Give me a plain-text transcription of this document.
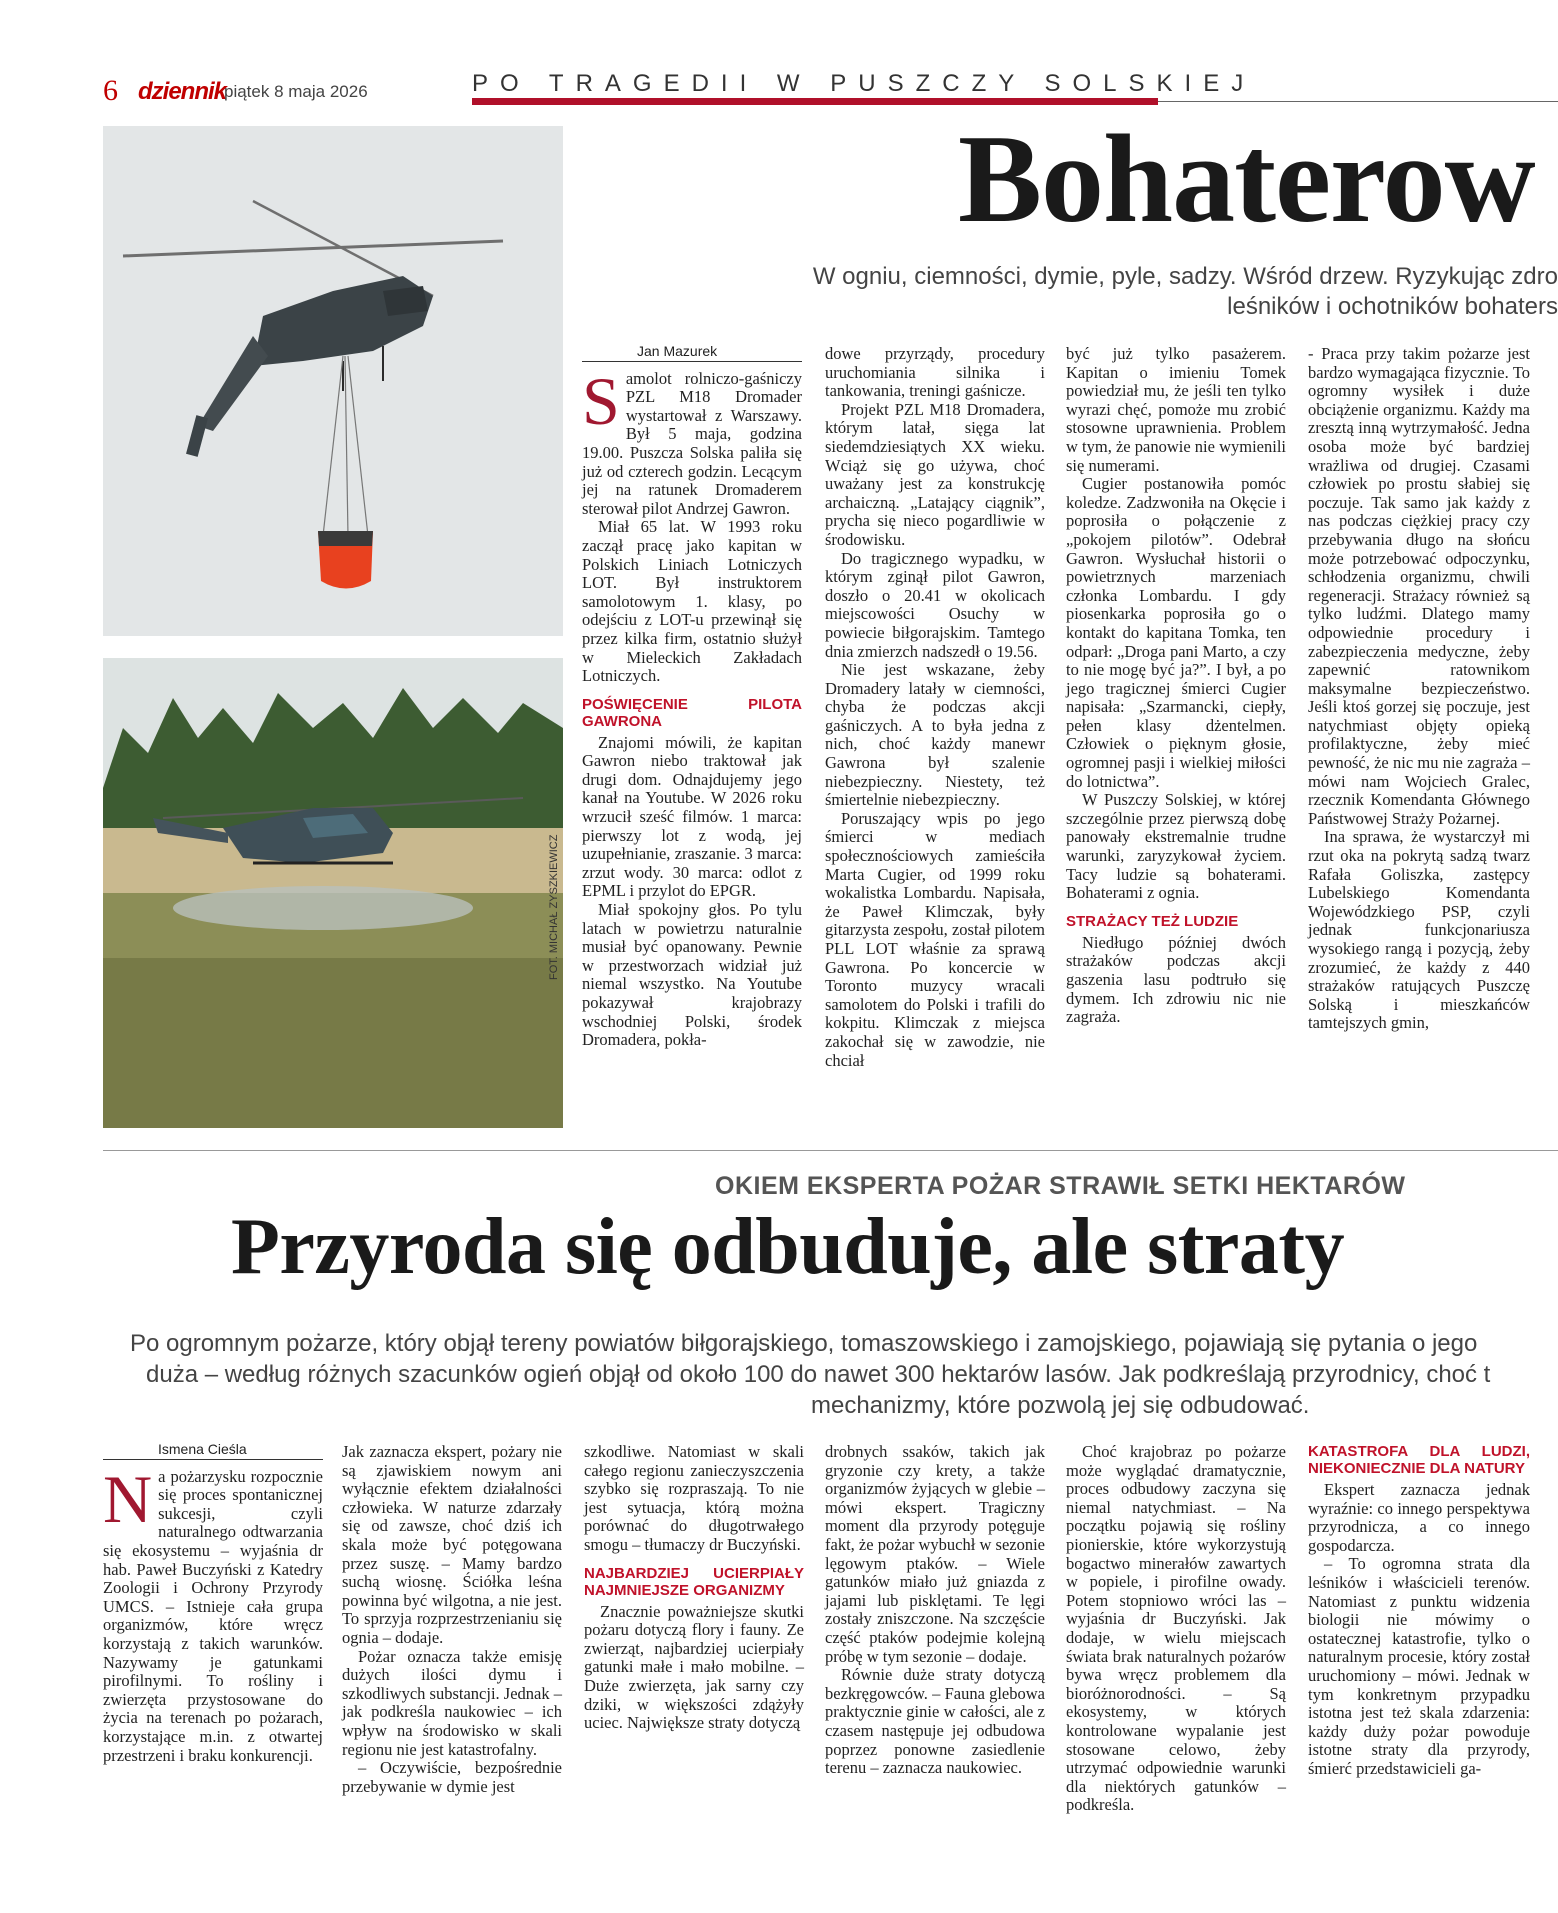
6 dziennik
piątek 8 maja 2026	PO TRAGEDII W PUSZCZY SOLSKIEJ
Bohaterow
W ogniu, ciemności, dymie, pyle, sadzy. Wśród drzew. Ryzykując zdro
leśników i ochotników bohaters
FOT. MICHAŁ ZYSZKIEWICZ
Jan Mazurek

Samolot rolniczo-gaśniczy PZL M18 Dromader wystartował z Warszawy. Był 5 maja, godzina 19.00. Puszcza Solska paliła się już od czterech godzin. Lecącym jej na ratunek Dromaderem sterował pilot Andrzej Gawron.

Miał 65 lat. W 1993 roku zaczął pracę jako kapitan w Polskich Liniach Lotniczych LOT. Był instruktorem samolotowym 1. klasy, po odejściu z LOT-u przewinął się przez kilka firm, ostatnio służył w Mieleckich Zakładach Lotniczych.

POŚWIĘCENIE PILOTA GAWRONA

Znajomi mówili, że kapitan Gawron niebo traktował jak drugi dom. Odnajdujemy jego kanał na Youtube. W 2026 roku wrzucił sześć filmów. 1 marca: pierwszy lot z wodą, jej uzupełnianie, zraszanie. 3 marca: zrzut wody. 30 marca: odlot z EPML i przylot do EPGR.

Miał spokojny głos. Po tylu latach w powietrzu naturalnie musiał być opanowany. Pewnie w przestworzach widział już niemal wszystko. Na Youtube pokazywał krajobrazy wschodniej Polski, środek Dromadera, pokła-

dowe przyrządy, procedury uruchomiania silnika i tankowania, treningi gaśnicze.

Projekt PZL M18 Dromadera, którym latał, sięga lat siedemdziesiątych XX wieku. Wciąż się go używa, choć uważany jest za konstrukcję archaiczną. „Latający ciągnik”, prycha się nieco pogardliwie w środowisku.

Do tragicznego wypadku, w którym zginął pilot Gawron, doszło o 20.41 w okolicach miejscowości Osuchy w powiecie biłgorajskim. Tamtego dnia zmierzch nadszedł o 19.56.

Nie jest wskazane, żeby Dromadery latały w ciemności, chyba że podczas akcji gaśniczych. A to była jedna z nich, choć każdy manewr Gawrona był szalenie niebezpieczny. Niestety, też śmiertelnie niebezpieczny.

Poruszający wpis po jego śmierci w mediach społecznościowych zamieściła Marta Cugier, od 1999 roku wokalistka Lombardu. Napisała, że Paweł Klimczak, były gitarzysta zespołu, został pilotem PLL LOT właśnie za sprawą Gawrona. Po koncercie w Toronto muzycy wracali samolotem do Polski i trafili do kokpitu. Klimczak z miejsca zakochał się w zawodzie, nie chciał

być już tylko pasażerem. Kapitan o imieniu Tomek powiedział mu, że jeśli ten tylko wyrazi chęć, pomoże mu zrobić stosowne uprawnienia. Problem w tym, że panowie nie wymienili się numerami.

Cugier postanowiła pomóc koledze. Zadzwoniła na Okęcie i poprosiła o połączenie z „pokojem pilotów”. Odebrał Gawron. Wysłuchał historii o powietrznych marzeniach członka Lombardu. I gdy piosenkarka poprosiła go o kontakt do kapitana Tomka, ten odparł: „Droga pani Marto, a czy to nie mogę być ja?”. I był, a po jego tragicznej śmierci Cugier napisała: „Szarmancki, ciepły, pełen klasy dżentelmen. Człowiek o pięknym głosie, ogromnej pasji i wielkiej miłości do lotnictwa”.

W Puszczy Solskiej, w której szczególnie przez pierwszą dobę panowały ekstremalnie trudne warunki, zaryzykował życiem. Tacy ludzie są bohaterami. Bohaterami z ognia.

STRAŻACY TEŻ LUDZIE

Niedługo później dwóch strażaków podczas akcji gaszenia lasu podtruło się dymem. Ich zdrowiu nic nie zagraża.

- Praca przy takim pożarze jest bardzo wymagająca fizycznie. To ogromny wysiłek i duże obciążenie organizmu. Każdy ma zresztą inną wytrzymałość. Jedna osoba może być bardziej wrażliwa od drugiej. Czasami człowiek po prostu słabiej się poczuje. Tak samo jak każdy z nas podczas ciężkiej pracy czy przebywania długo na słońcu może potrzebować odpoczynku, schłodzenia organizmu, chwili regeneracji. Strażacy również są tylko ludźmi. Dlatego mamy odpowiednie procedury i zabezpieczenia medyczne, żeby zapewnić ratownikom maksymalne bezpieczeństwo. Jeśli ktoś gorzej się poczuje, jest natychmiast objęty opieką profilaktyczne, żeby mieć pewność, że nic mu nie zagraża – mówi nam Wojciech Gralec, rzecznik Komendanta Głównego Państwowej Straży Pożarnej.

Ina sprawa, że wystarczył mi rzut oka na pokrytą sadzą twarz Rafała Goliszka, zastępcy Lubelskiego Komendanta Wojewódzkiego PSP, czyli jednak funkcjonariusza wysokiego rangą i pozycją, żeby zrozumieć, że każdy z 440 strażaków ratujących Puszczę Solską i mieszkańców tamtejszych gmin,

OKIEM EKSPERTA POŻAR STRAWIŁ SETKI HEKTARÓW
Przyroda się odbuduje, ale straty
Po ogromnym pożarze, który objął tereny powiatów biłgorajskiego, tomaszowskiego i zamojskiego, pojawiają się pytania o jego
duża – według różnych szacunków ogień objął od około 100 do nawet 300 hektarów lasów. Jak podkreślają przyrodnicy, choć t
mechanizmy, które pozwolą jej się odbudować.
Ismena Cieśla

Na pożarzysku rozpocznie się proces spontanicznej sukcesji, czyli naturalnego odtwarzania się ekosystemu – wyjaśnia dr hab. Paweł Buczyński z Katedry Zoologii i Ochrony Przyrody UMCS. – Istnieje cała grupa organizmów, które wręcz korzystają z takich warunków. Nazywamy je gatunkami pirofilnymi. To rośliny i zwierzęta przystosowane do życia na terenach po pożarach, korzystające m.in. z otwartej przestrzeni i braku konkurencji.

Jak zaznacza ekspert, pożary nie są zjawiskiem nowym ani wyłącznie efektem działalności człowieka. W naturze zdarzały się od zawsze, choć dziś ich skala może być potęgowana przez suszę. – Mamy bardzo suchą wiosnę. Ściółka leśna powinna być wilgotna, a nie jest. To sprzyja rozprzestrzenianiu się ognia – dodaje.

Pożar oznacza także emisję dużych ilości dymu i szkodliwych substancji. Jednak – jak podkreśla naukowiec – ich wpływ na środowisko w skali regionu nie jest katastrofalny.

– Oczywiście, bezpośrednie przebywanie w dymie jest

szkodliwe. Natomiast w skali całego regionu zanieczyszczenia szybko się rozpraszają. To nie jest sytuacja, którą można porównać do długotrwałego smogu – tłumaczy dr Buczyński.

NAJBARDZIEJ UCIERPIAŁY NAJMNIEJSZE ORGANIZMY

Znacznie poważniejsze skutki pożaru dotyczą flory i fauny. Ze zwierząt, najbardziej ucierpiały gatunki małe i mało mobilne. – Duże zwierzęta, jak sarny czy dziki, w większości zdążyły uciec. Największe straty dotyczą

drobnych ssaków, takich jak gryzonie czy krety, a także organizmów żyjących w glebie – mówi ekspert. Tragiczny moment dla przyrody potęguje fakt, że pożar wybuchł w sezonie lęgowym ptaków. – Wiele gatunków miało już gniazda z jajami lub pisklętami. Te lęgi zostały zniszczone. Na szczęście część ptaków podejmie kolejną próbę w tym sezonie – dodaje.

Równie duże straty dotyczą bezkręgowców. – Fauna glebowa praktycznie ginie w całości, ale z czasem następuje jej odbudowa poprzez ponowne zasiedlenie terenu – zaznacza naukowiec.

Choć krajobraz po pożarze może wyglądać dramatycznie, proces odbudowy zaczyna się niemal natychmiast. – Na początku pojawią się rośliny pionierskie, które wykorzystują bogactwo minerałów zawartych w popiele, i pirofilne owady. Potem stopniowo wróci las – wyjaśnia dr Buczyński. Jak dodaje, w wielu miejscach świata brak naturalnych pożarów bywa wręcz problemem dla bioróżnorodności. – Są ekosystemy, w których kontrolowane wypalanie jest stosowane celowo, żeby utrzymać odpowiednie warunki dla niektórych gatunków – podkreśla.

KATASTROFA DLA LUDZI, NIEKONIECZNIE DLA NATURY

Ekspert zaznacza jednak wyraźnie: co innego perspektywa przyrodnicza, a co innego gospodarcza.

– To ogromna strata dla leśników i właścicieli terenów. Natomiast z punktu widzenia biologii nie mówimy o ostatecznej katastrofie, tylko o naturalnym procesie, który został uruchomiony – mówi. Jednak w tym konkretnym przypadku istotna jest też skala zdarzenia: każdy duży pożar powoduje istotne straty dla przyrody, śmierć przedstawicieli ga-
